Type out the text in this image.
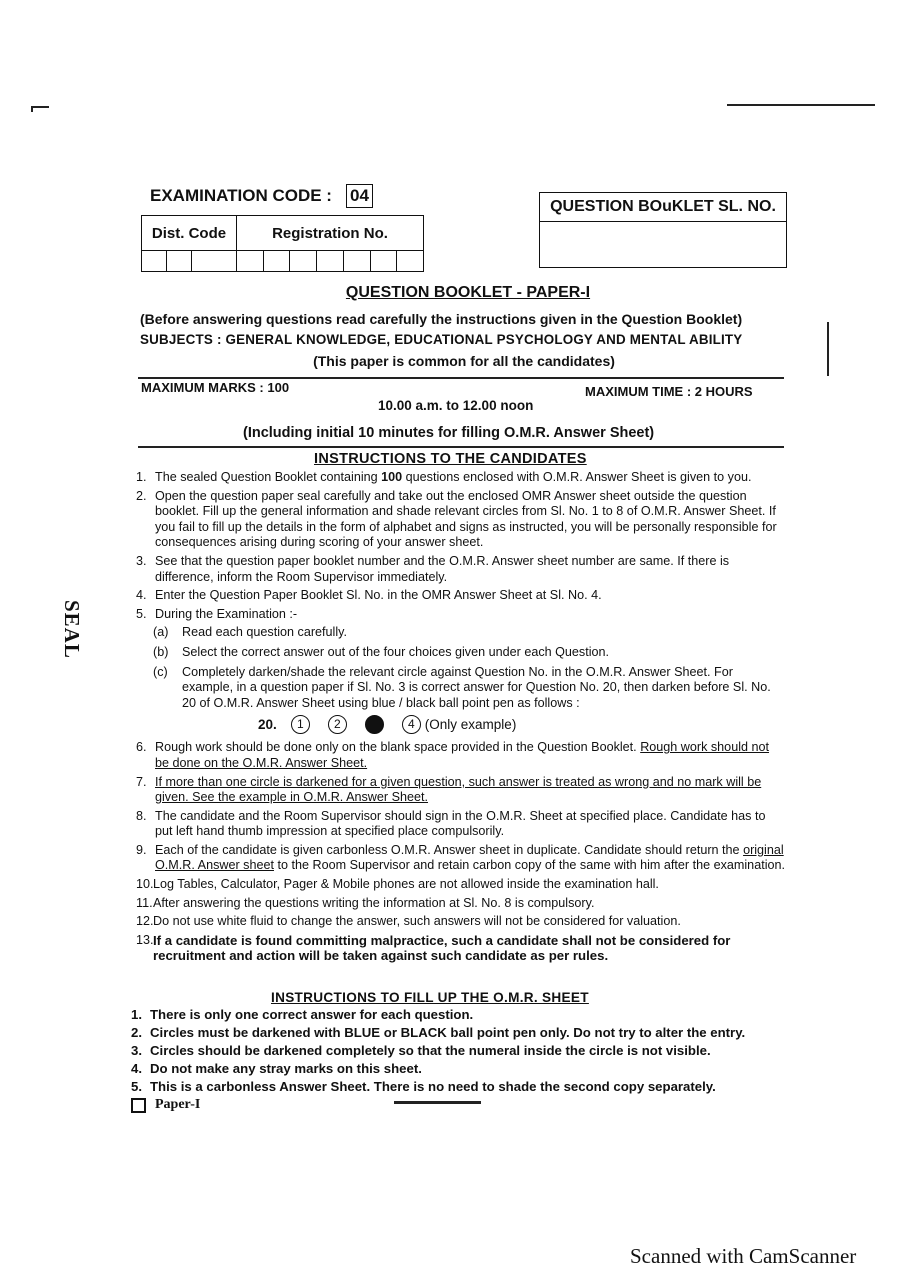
EXAMINATION CODE : 04
Dist. Code			Registration No.						

QUESTION BOuKLET SL. NO.
QUESTION BOOKLET - PAPER-I
(Before answering questions read carefully the instructions given in the Question Booklet)
SUBJECTS : GENERAL KNOWLEDGE, EDUCATIONAL PSYCHOLOGY AND MENTAL ABILITY
(This paper is common for all the candidates)
MAXIMUM MARKS : 100	MAXIMUM TIME : 2 HOURS
10.00 a.m. to 12.00 noon
(Including initial 10 minutes for filling O.M.R. Answer Sheet)
INSTRUCTIONS TO THE CANDIDATES
1. The sealed Question Booklet containing 100 questions enclosed with O.M.R. Answer Sheet is given to you.
2. Open the question paper seal carefully and take out the enclosed OMR Answer sheet outside the question booklet. Fill up the general information and shade relevant circles from Sl. No. 1 to 8 of O.M.R. Answer Sheet. If you fail to fill up the details in the form of alphabet and signs as instructed, you will be personally responsible for consequences arising during scoring of your answer sheet.
3. See that the question paper booklet number and the O.M.R. Answer sheet number are same. If there is difference, inform the Room Supervisor immediately.
4. Enter the Question Paper Booklet Sl. No. in the OMR Answer Sheet at Sl. No. 4.
5. During the Examination :-
(a)	Read each question carefully.
(b)	Select the correct answer out of the four choices given under each Question.
(c)	Completely darken/shade the relevant circle against Question No. in the O.M.R. Answer Sheet. For example, in a question paper if Sl. No. 3 is correct answer for Question No. 20, then darken before Sl. No. 20 of O.M.R. Answer Sheet using blue / black ball point pen as follows :
20.	1	2	4 (Only example)
6. Rough work should be done only on the blank space provided in the Question Booklet. Rough work should not be done on the O.M.R. Answer Sheet.
7. If more than one circle is darkened for a given question, such answer is treated as wrong and no mark will be given. See the example in O.M.R. Answer Sheet.
8. The candidate and the Room Supervisor should sign in the O.M.R. Sheet at specified place. Candidate has to put left hand thumb impression at specified place compulsorily.
9. Each of the candidate is given carbonless O.M.R. Answer sheet in duplicate. Candidate should return the original O.M.R. Answer sheet to the Room Supervisor and retain carbon copy of the same with him after the examination.
10. Log Tables, Calculator, Pager & Mobile phones are not allowed inside the examination hall.
11. After answering the questions writing the information at Sl. No. 8 is compulsory.
12. Do not use white fluid to change the answer, such answers will not be considered for valuation.
13. If a candidate is found committing malpractice, such a candidate shall not be considered for recruitment and action will be taken against such candidate as per rules.
INSTRUCTIONS TO FILL UP THE O.M.R. SHEET
1. There is only one correct answer for each question.
2. Circles must be darkened with BLUE or BLACK ball point pen only. Do not try to alter the entry.
3. Circles should be darkened completely so that the numeral inside the circle is not visible.
4. Do not make any stray marks on this sheet.
5. This is a carbonless Answer Sheet. There is no need to shade the second copy separately.
Paper-I
SEAL
Scanned with CamScanner
